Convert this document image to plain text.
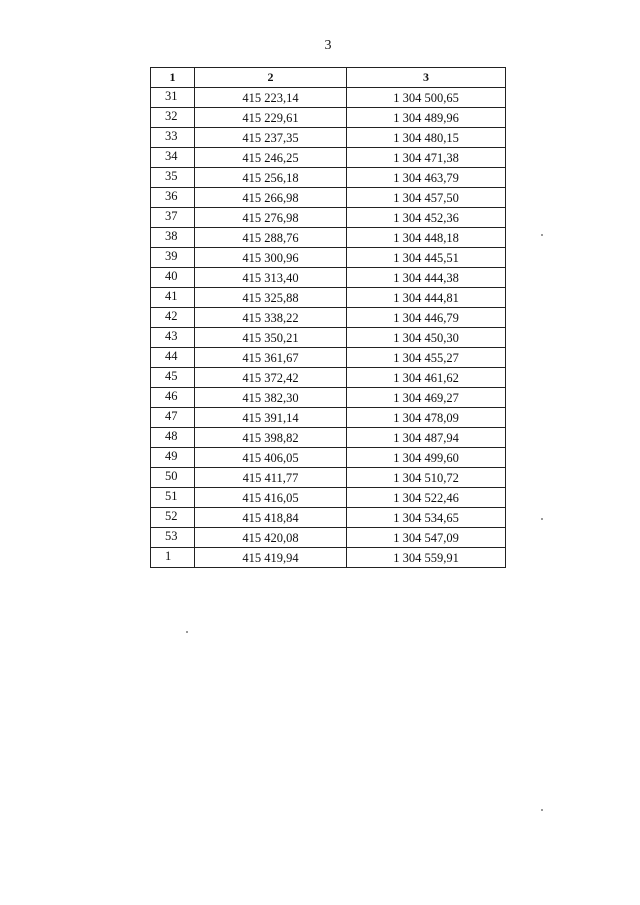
3
1	2	3
31	415 223,14	1 304 500,65
32	415 229,61	1 304 489,96
33	415 237,35	1 304 480,15
34	415 246,25	1 304 471,38
35	415 256,18	1 304 463,79
36	415 266,98	1 304 457,50
37	415 276,98	1 304 452,36
38	415 288,76	1 304 448,18
39	415 300,96	1 304 445,51
40	415 313,40	1 304 444,38
41	415 325,88	1 304 444,81
42	415 338,22	1 304 446,79
43	415 350,21	1 304 450,30
44	415 361,67	1 304 455,27
45	415 372,42	1 304 461,62
46	415 382,30	1 304 469,27
47	415 391,14	1 304 478,09
48	415 398,82	1 304 487,94
49	415 406,05	1 304 499,60
50	415 411,77	1 304 510,72
51	415 416,05	1 304 522,46
52	415 418,84	1 304 534,65
53	415 420,08	1 304 547,09
1	415 419,94	1 304 559,91
